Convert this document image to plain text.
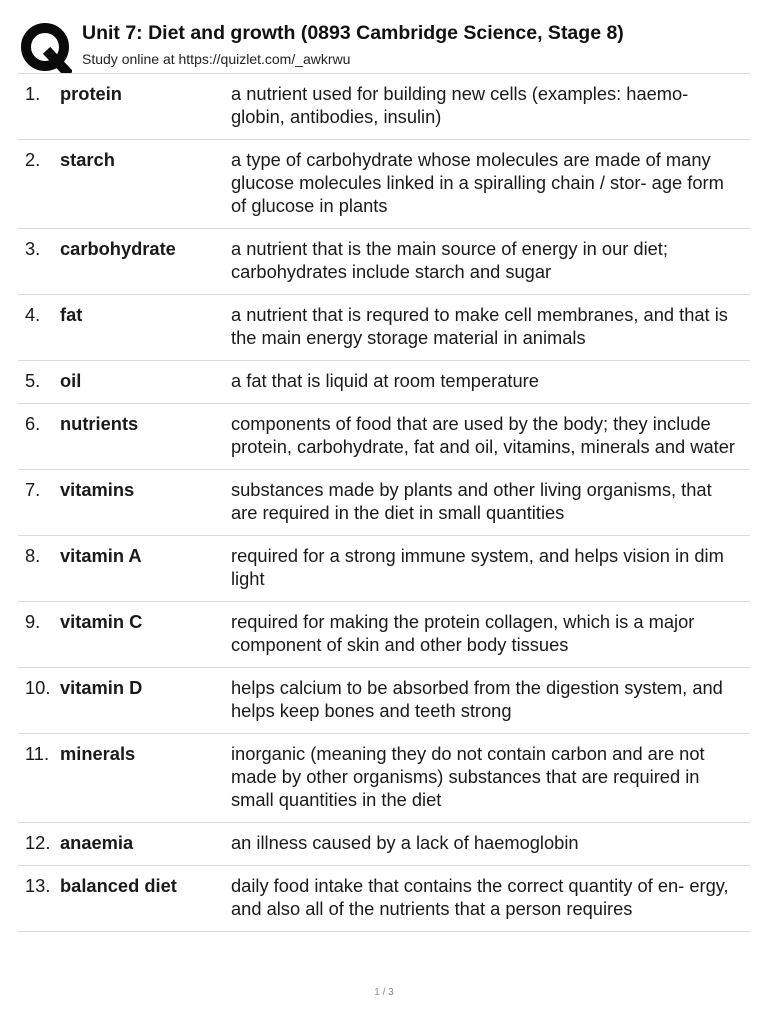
Unit 7: Diet and growth (0893 Cambridge Science, Stage 8)
Study online at https://quizlet.com/_awkrwu
1.	protein	a nutrient used for building new cells (examples: haemo- globin, antibodies, insulin)
2.	starch	a type of carbohydrate whose molecules are made of many glucose molecules linked in a spiralling chain / stor- age form of glucose in plants
3.	carbohydrate	a nutrient that is the main source of energy in our diet; carbohydrates include starch and sugar
4.	fat	a nutrient that is requred to make cell membranes, and that is the main energy storage material in animals
5.	oil	a fat that is liquid at room temperature
6.	nutrients	components of food that are used by the body; they include protein, carbohydrate, fat and oil, vitamins, minerals and water
7.	vitamins	substances made by plants and other living organisms, that are required in the diet in small quantities
8.	vitamin A	required for a strong immune system, and helps vision in dim light
9.	vitamin C	required for making the protein collagen, which is a major component of skin and other body tissues
10. vitamin D	helps calcium to be absorbed from the digestion system, and helps keep bones and teeth strong
11. minerals	inorganic (meaning they do not contain carbon and are not made by other organisms) substances that are required in small quantities in the diet
12. anaemia	an illness caused by a lack of haemoglobin
13. balanced diet	daily food intake that contains the correct quantity of en- ergy, and also all of the nutrients that a person requires
1 / 3
